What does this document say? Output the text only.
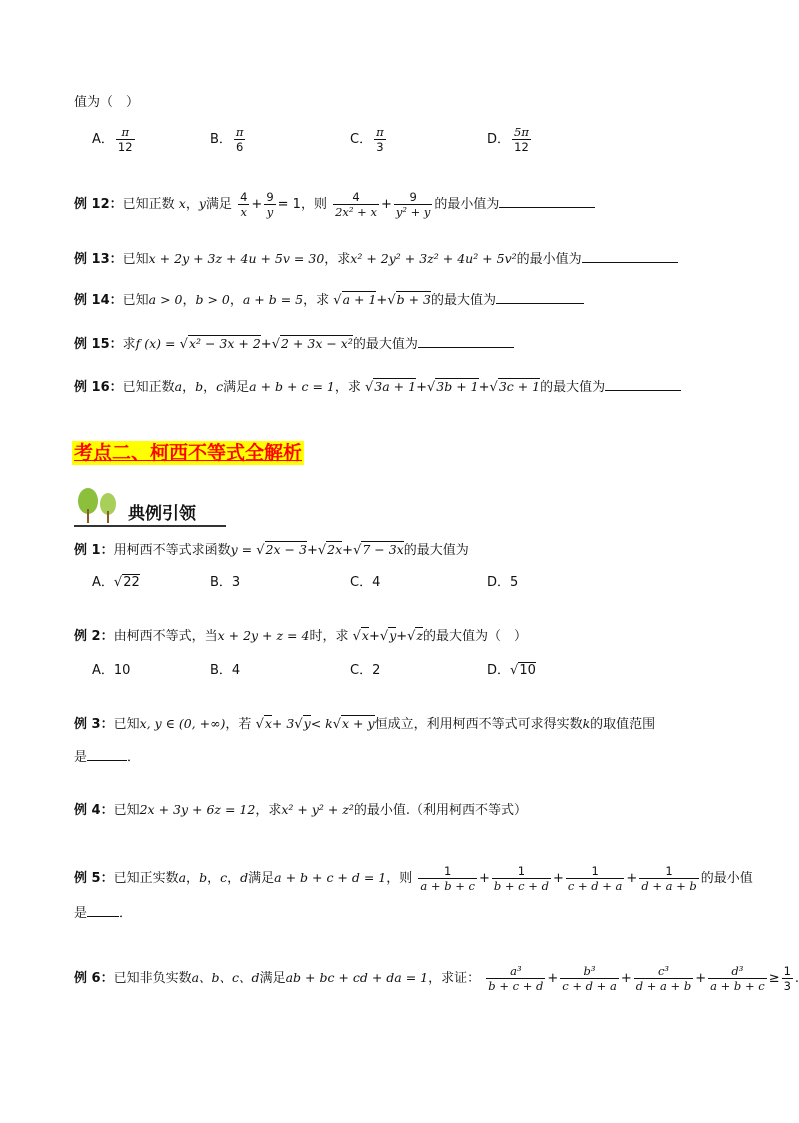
值为（　）
A． $\frac{\pi}{12}$	B． $\frac{\pi}{6}$	C． $\frac{\pi}{3}$	D． $\frac{5\pi}{12}$
例 12：已知正数 x，y满足 $\frac{4}{x} + \frac{9}{y} = 1$，则 $\frac{4}{\text{2x² + x}} + \frac{9}{\text{y² + y}}$ 的最小值为
例 13：已知x + 2y + 3z + 4u + 5v = 30，求x² + 2y² + 3z² + 4u² + 5v²的最小值为
例 14：已知a > 0，b > 0，a + b = 5，求 √a + 1+√b + 3的最大值为
例 15：求f (x) = √x² − 3x + 2+√2 + 3x − x²的最大值为
例 16：已知正数a，b，c满足a + b + c = 1，求 √3a + 1+√3b + 1+√3c + 1的最大值为
考点二、柯西不等式全解析
典例引领
例 1：用柯西不等式求函数y = √2x − 3+√2x+√7 − 3x的最大值为
A．√22	B．3	C．4	D．5
例 2：由柯西不等式，当x + 2y + z = 4时，求 √x+√y+√z的最大值为（　）
A．10	B．4	C．2	D．√10
例 3：已知x, y ∈ (0, +∞)，若 √x+ 3√y< k√x + y恒成立，利用柯西不等式可求得实数k的取值范围
是	．
例 4：已知2x + 3y + 6z = 12，求x² + y² + z²的最小值.（利用柯西不等式）
例 5：已知正实数a，b，c，d满足a + b + c + d = 1，则 $\frac{1}{a + b + c} + \frac{1}{b + c + d} + \frac{1}{c + d + a} + \frac{1}{d + a + b}$ 的最小值
是 ．
例 6：已知非负实数a、b、c、d满足ab + bc + cd + da = 1，求证： $\frac{\text{a³}}{b + c + d} + \frac{\text{b³}}{c + d + a} + \frac{\text{c³}}{d + a + b} + \frac{\text{d³}}{a + b + c} \ge \frac{1}{3}$ .
